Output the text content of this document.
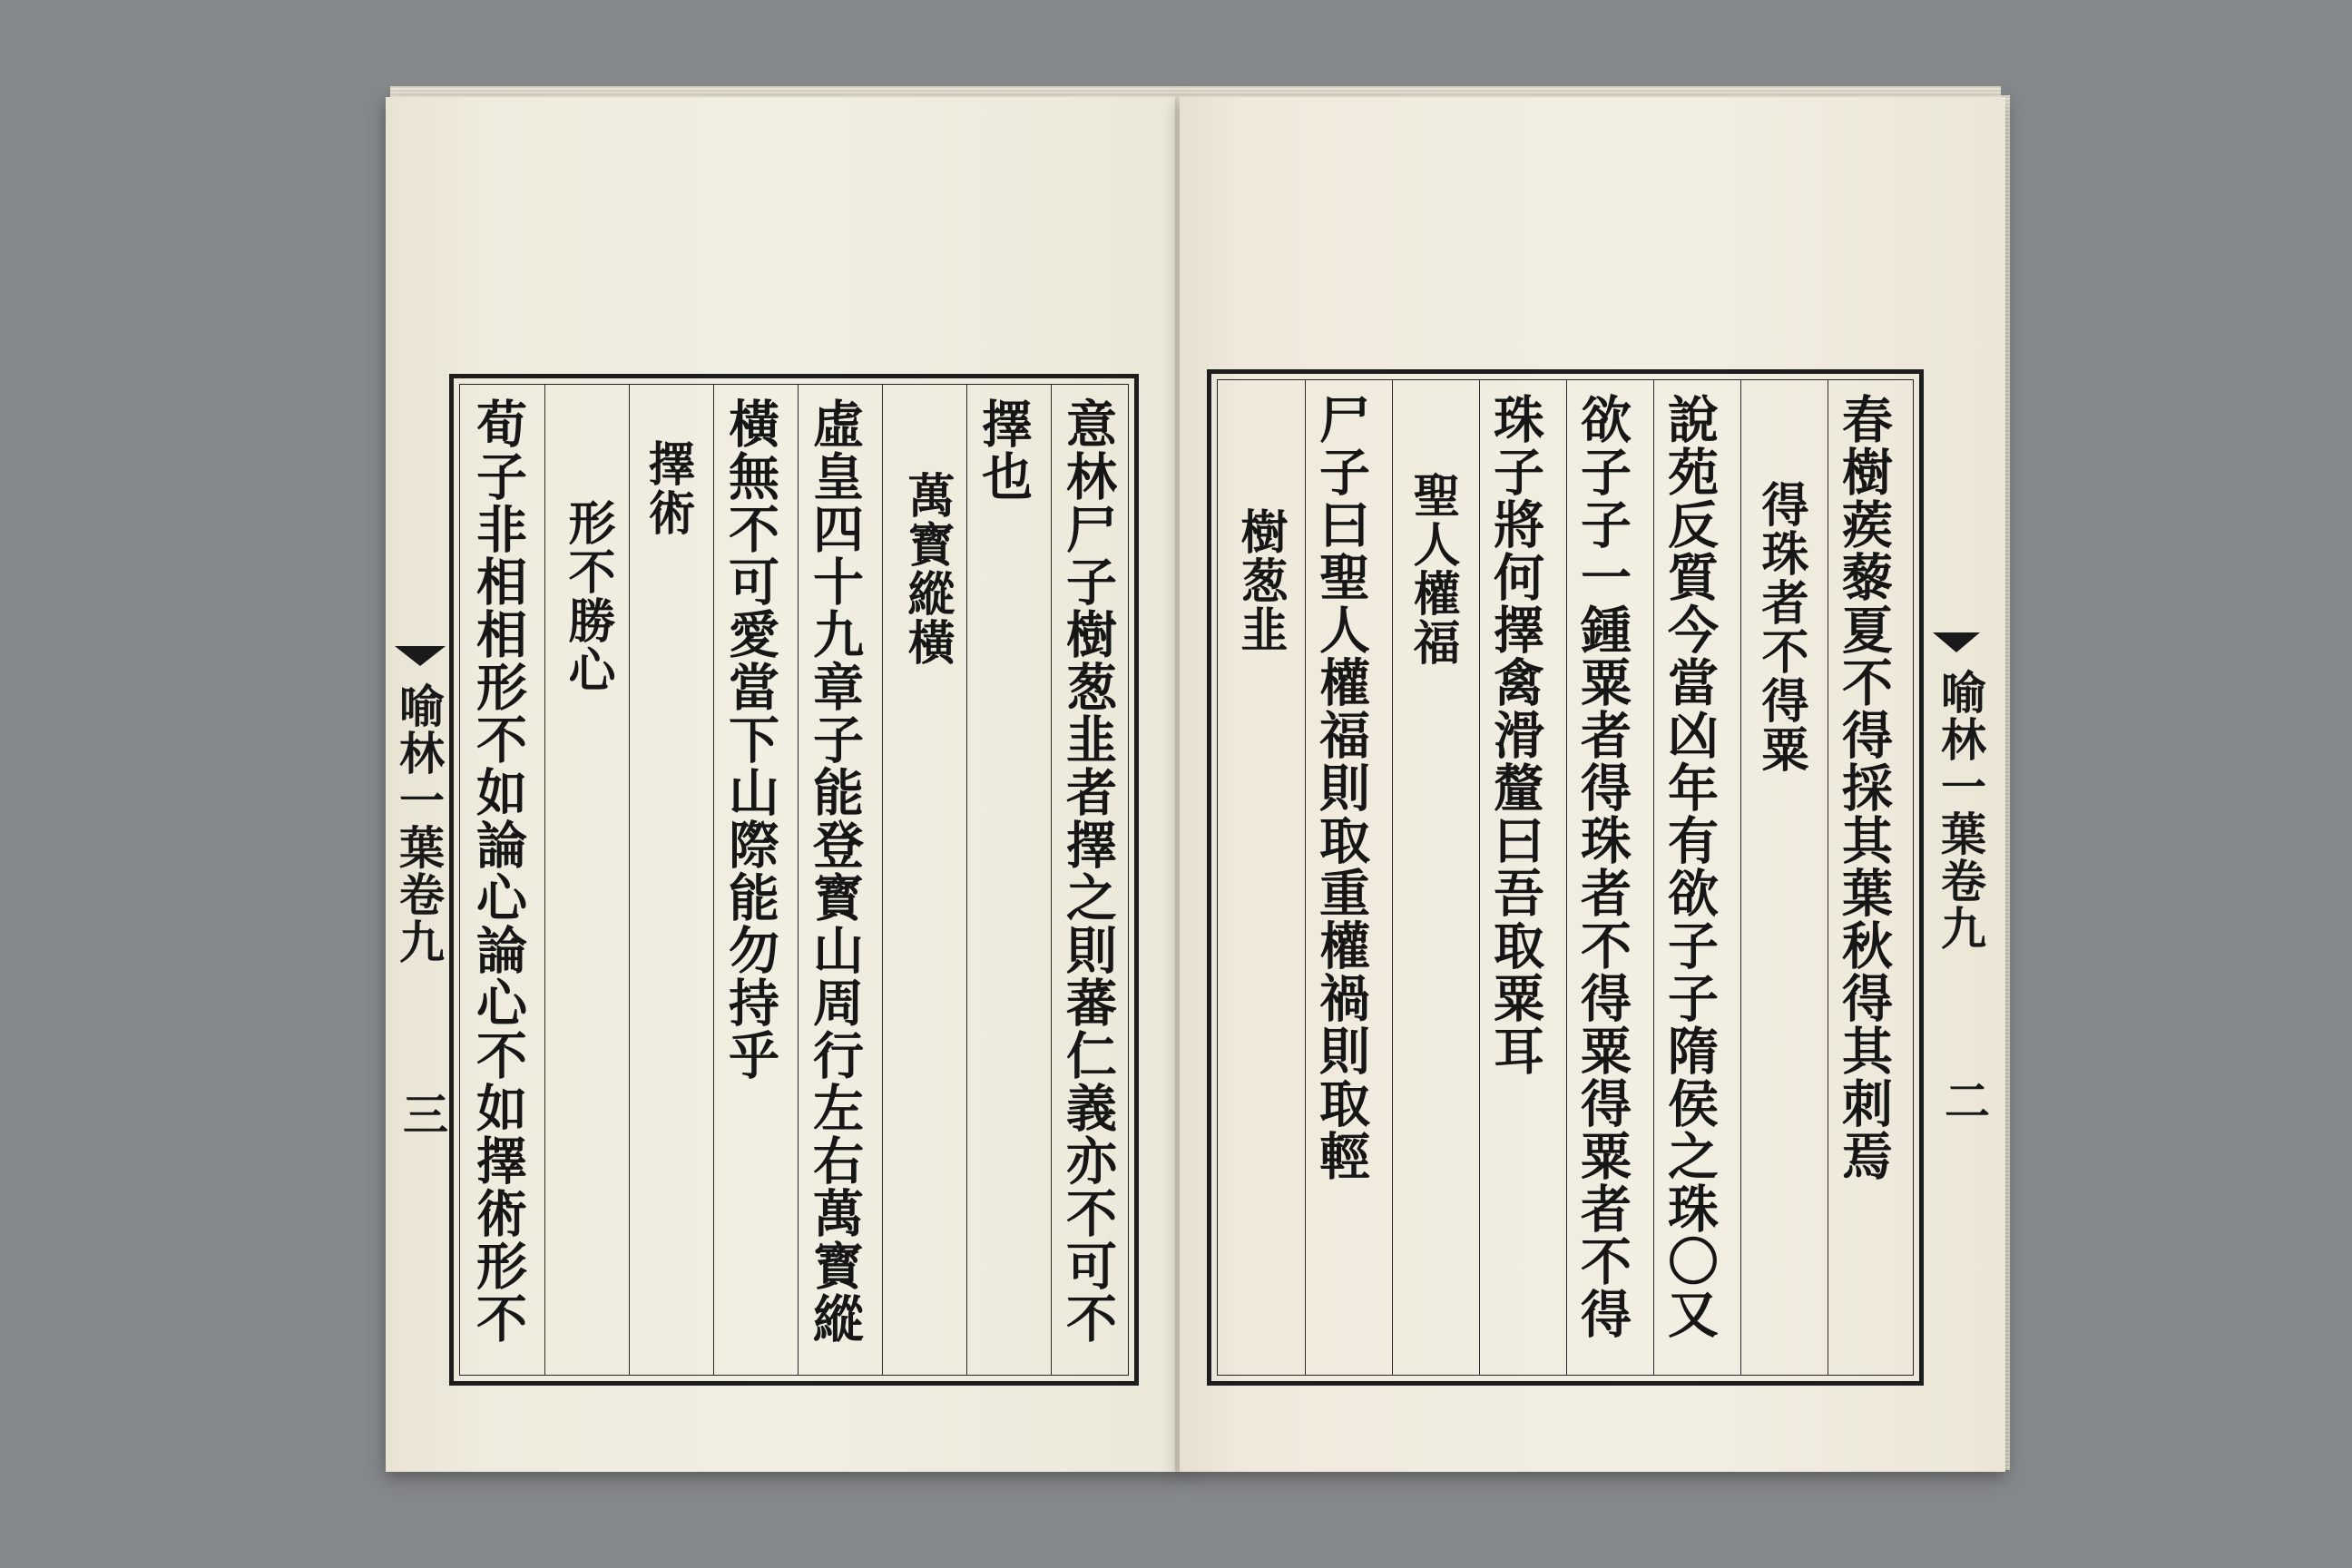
喻林一葉卷九
三	意林尸子樹葱韭者擇之則蕃仁義亦不可不
擇也
萬寳縱橫
虛皇四十九章子能登寳山周行左右萬寳縱
橫無不可愛當下山際能勿持乎
擇術
形不勝心
荀子非相相形不如論心論心不如擇術形不	春樹蒺藜夏不得採其葉秋得其刺焉
得珠者不得粟
說苑反質今當凶年有欲子子隋侯之珠〇又
欲子子一鍾粟者得珠者不得粟得粟者不得
珠子將何擇禽滑釐曰吾取粟耳
聖人權福
尸子曰聖人權福則取重權禍則取輕
樹葱韭
喻林一葉卷九
二
